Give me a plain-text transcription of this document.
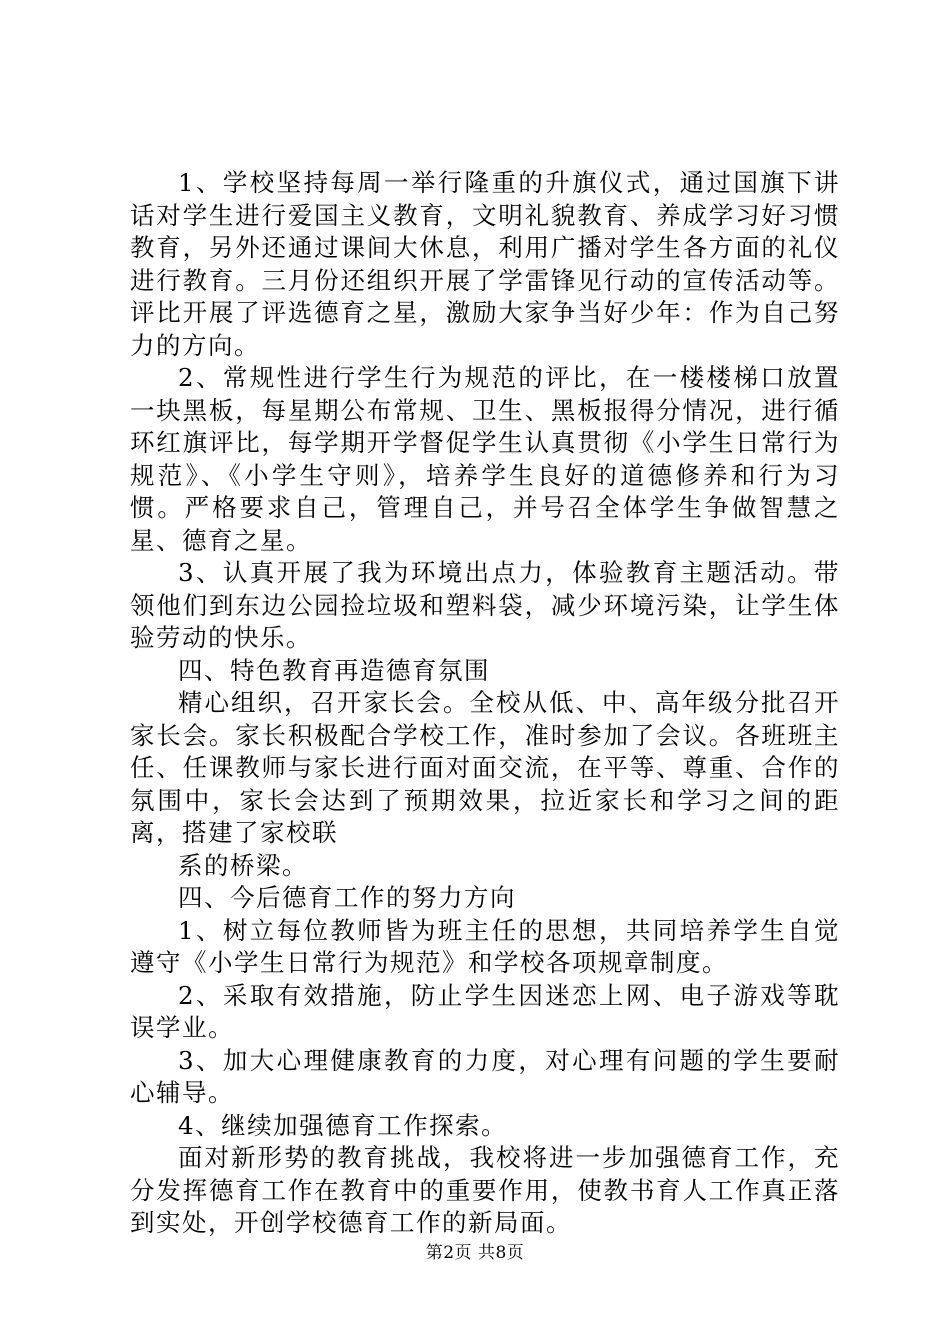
1、学校坚持每周一举行隆重的升旗仪式，通过国旗下讲话对学生进行爱国主义教育，文明礼貌教育、养成学习好习惯教育，另外还通过课间大休息，利用广播对学生各方面的礼仪进行教育。三月份还组织开展了学雷锋见行动的宣传活动等。评比开展了评选德育之星，激励大家争当好少年：作为自己努力的方向。

2、常规性进行学生行为规范的评比，在一楼楼梯口放置一块黑板，每星期公布常规、卫生、黑板报得分情况，进行循环红旗评比，每学期开学督促学生认真贯彻《小学生日常行为规范》、《小学生守则》，培养学生良好的道德修养和行为习惯。严格要求自己，管理自己，并号召全体学生争做智慧之星、德育之星。

3、认真开展了我为环境出点力，体验教育主题活动。带领他们到东边公园捡垃圾和塑料袋，减少环境污染，让学生体验劳动的快乐。

四、特色教育再造德育氛围

精心组织，召开家长会。全校从低、中、高年级分批召开家长会。家长积极配合学校工作，准时参加了会议。各班班主任、任课教师与家长进行面对面交流，在平等、尊重、合作的氛围中，家长会达到了预期效果，拉近家长和学习之间的距离，搭建了家校联

系的桥梁。

四、今后德育工作的努力方向

1、树立每位教师皆为班主任的思想，共同培养学生自觉遵守《小学生日常行为规范》和学校各项规章制度。

2、采取有效措施，防止学生因迷恋上网、电子游戏等耽误学业。

3、加大心理健康教育的力度，对心理有问题的学生要耐心辅导。

4、继续加强德育工作探索。

面对新形势的教育挑战，我校将进一步加强德育工作，充分发挥德育工作在教育中的重要作用，使教书育人工作真正落到实处，开创学校德育工作的新局面。

第2页 共8页
